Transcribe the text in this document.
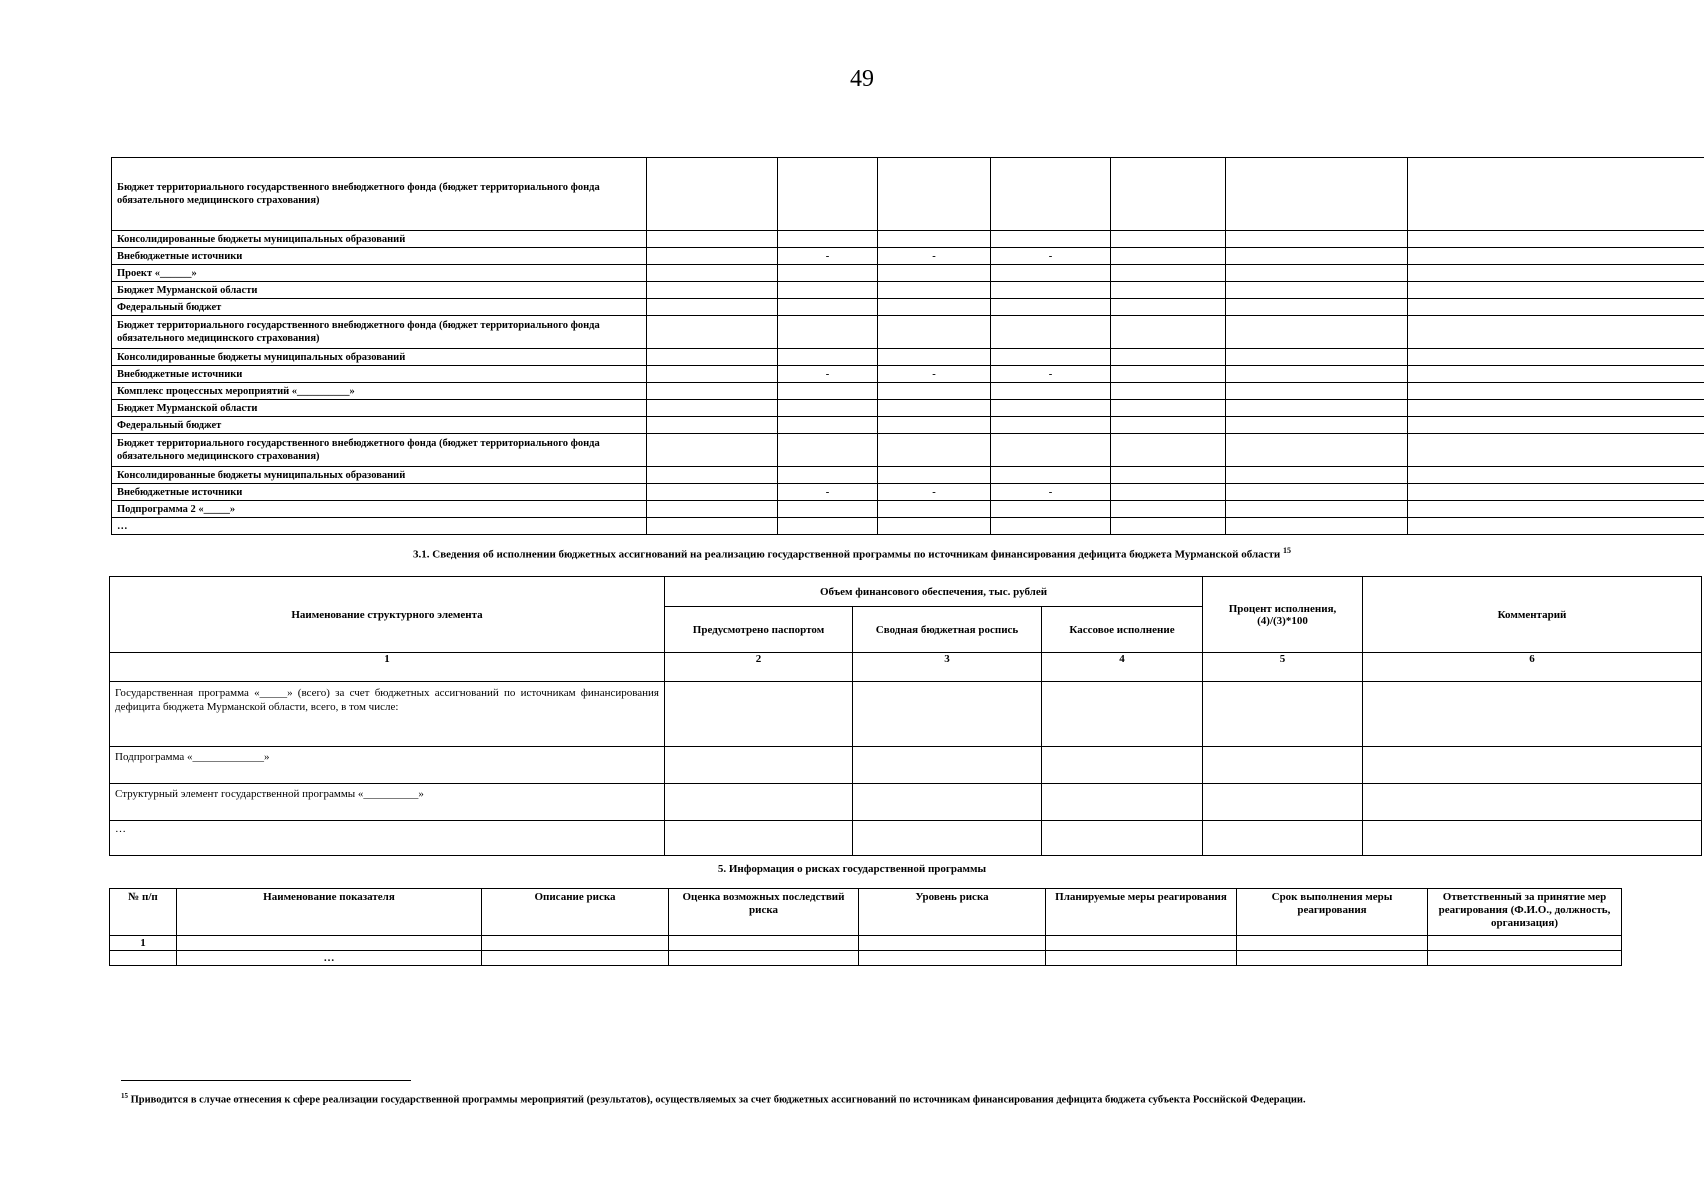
49
Бюджет территориального государственного внебюджетного фонда (бюджет территориального фонда обязательного медицинского страхования)							
Консолидированные бюджеты муниципальных образований							
Внебюджетные источники		-	-	-			
Проект «______»							
Бюджет Мурманской области							
Федеральный бюджет							
Бюджет территориального государственного внебюджетного фонда (бюджет территориального фонда обязательного медицинского страхования)							
Консолидированные бюджеты муниципальных образований							
Внебюджетные источники		-	-	-			
Комплекс процессных мероприятий «__________»							
Бюджет Мурманской области							
Федеральный бюджет							
Бюджет территориального государственного внебюджетного фонда (бюджет территориального фонда обязательного медицинского страхования)							
Консолидированные бюджеты муниципальных образований							
Внебюджетные источники		-	-	-			
Подпрограмма 2 «_____»							
…							
3.1. Сведения об исполнении бюджетных ассигнований на реализацию государственной программы по источникам финансирования дефицита бюджета Мурманской области $^{15}$
Наименование структурного элемента	Объем финансового обеспечения, тыс. рублей			Процент исполнения, (4)/(3)*100	Комментарий
	Предусмотрено паспортом	Сводная бюджетная роспись	Кассовое исполнение		
1	2	3	4	5	6
Государственная программа «_____» (всего) за счет бюджетных ассигнований по источникам финансирования дефицита бюджета Мурманской области, всего, в том числе:					
Подпрограмма «_____________»					
Структурный элемент государственной программы «__________»					
…					
5. Информация о рисках государственной программы
№ п/п	Наименование показателя	Описание риска	Оценка возможных последствий риска	Уровень риска	Планируемые меры реагирования	Срок выполнения меры реагирования	Ответственный за принятие мер реагирования (Ф.И.О., должность, организация)
1							
	…						
$^{15}$ Приводится в случае отнесения к сфере реализации государственной программы мероприятий (результатов), осуществляемых за счет бюджетных ассигнований по источникам финансирования дефицита бюджета субъекта Российской Федерации.
